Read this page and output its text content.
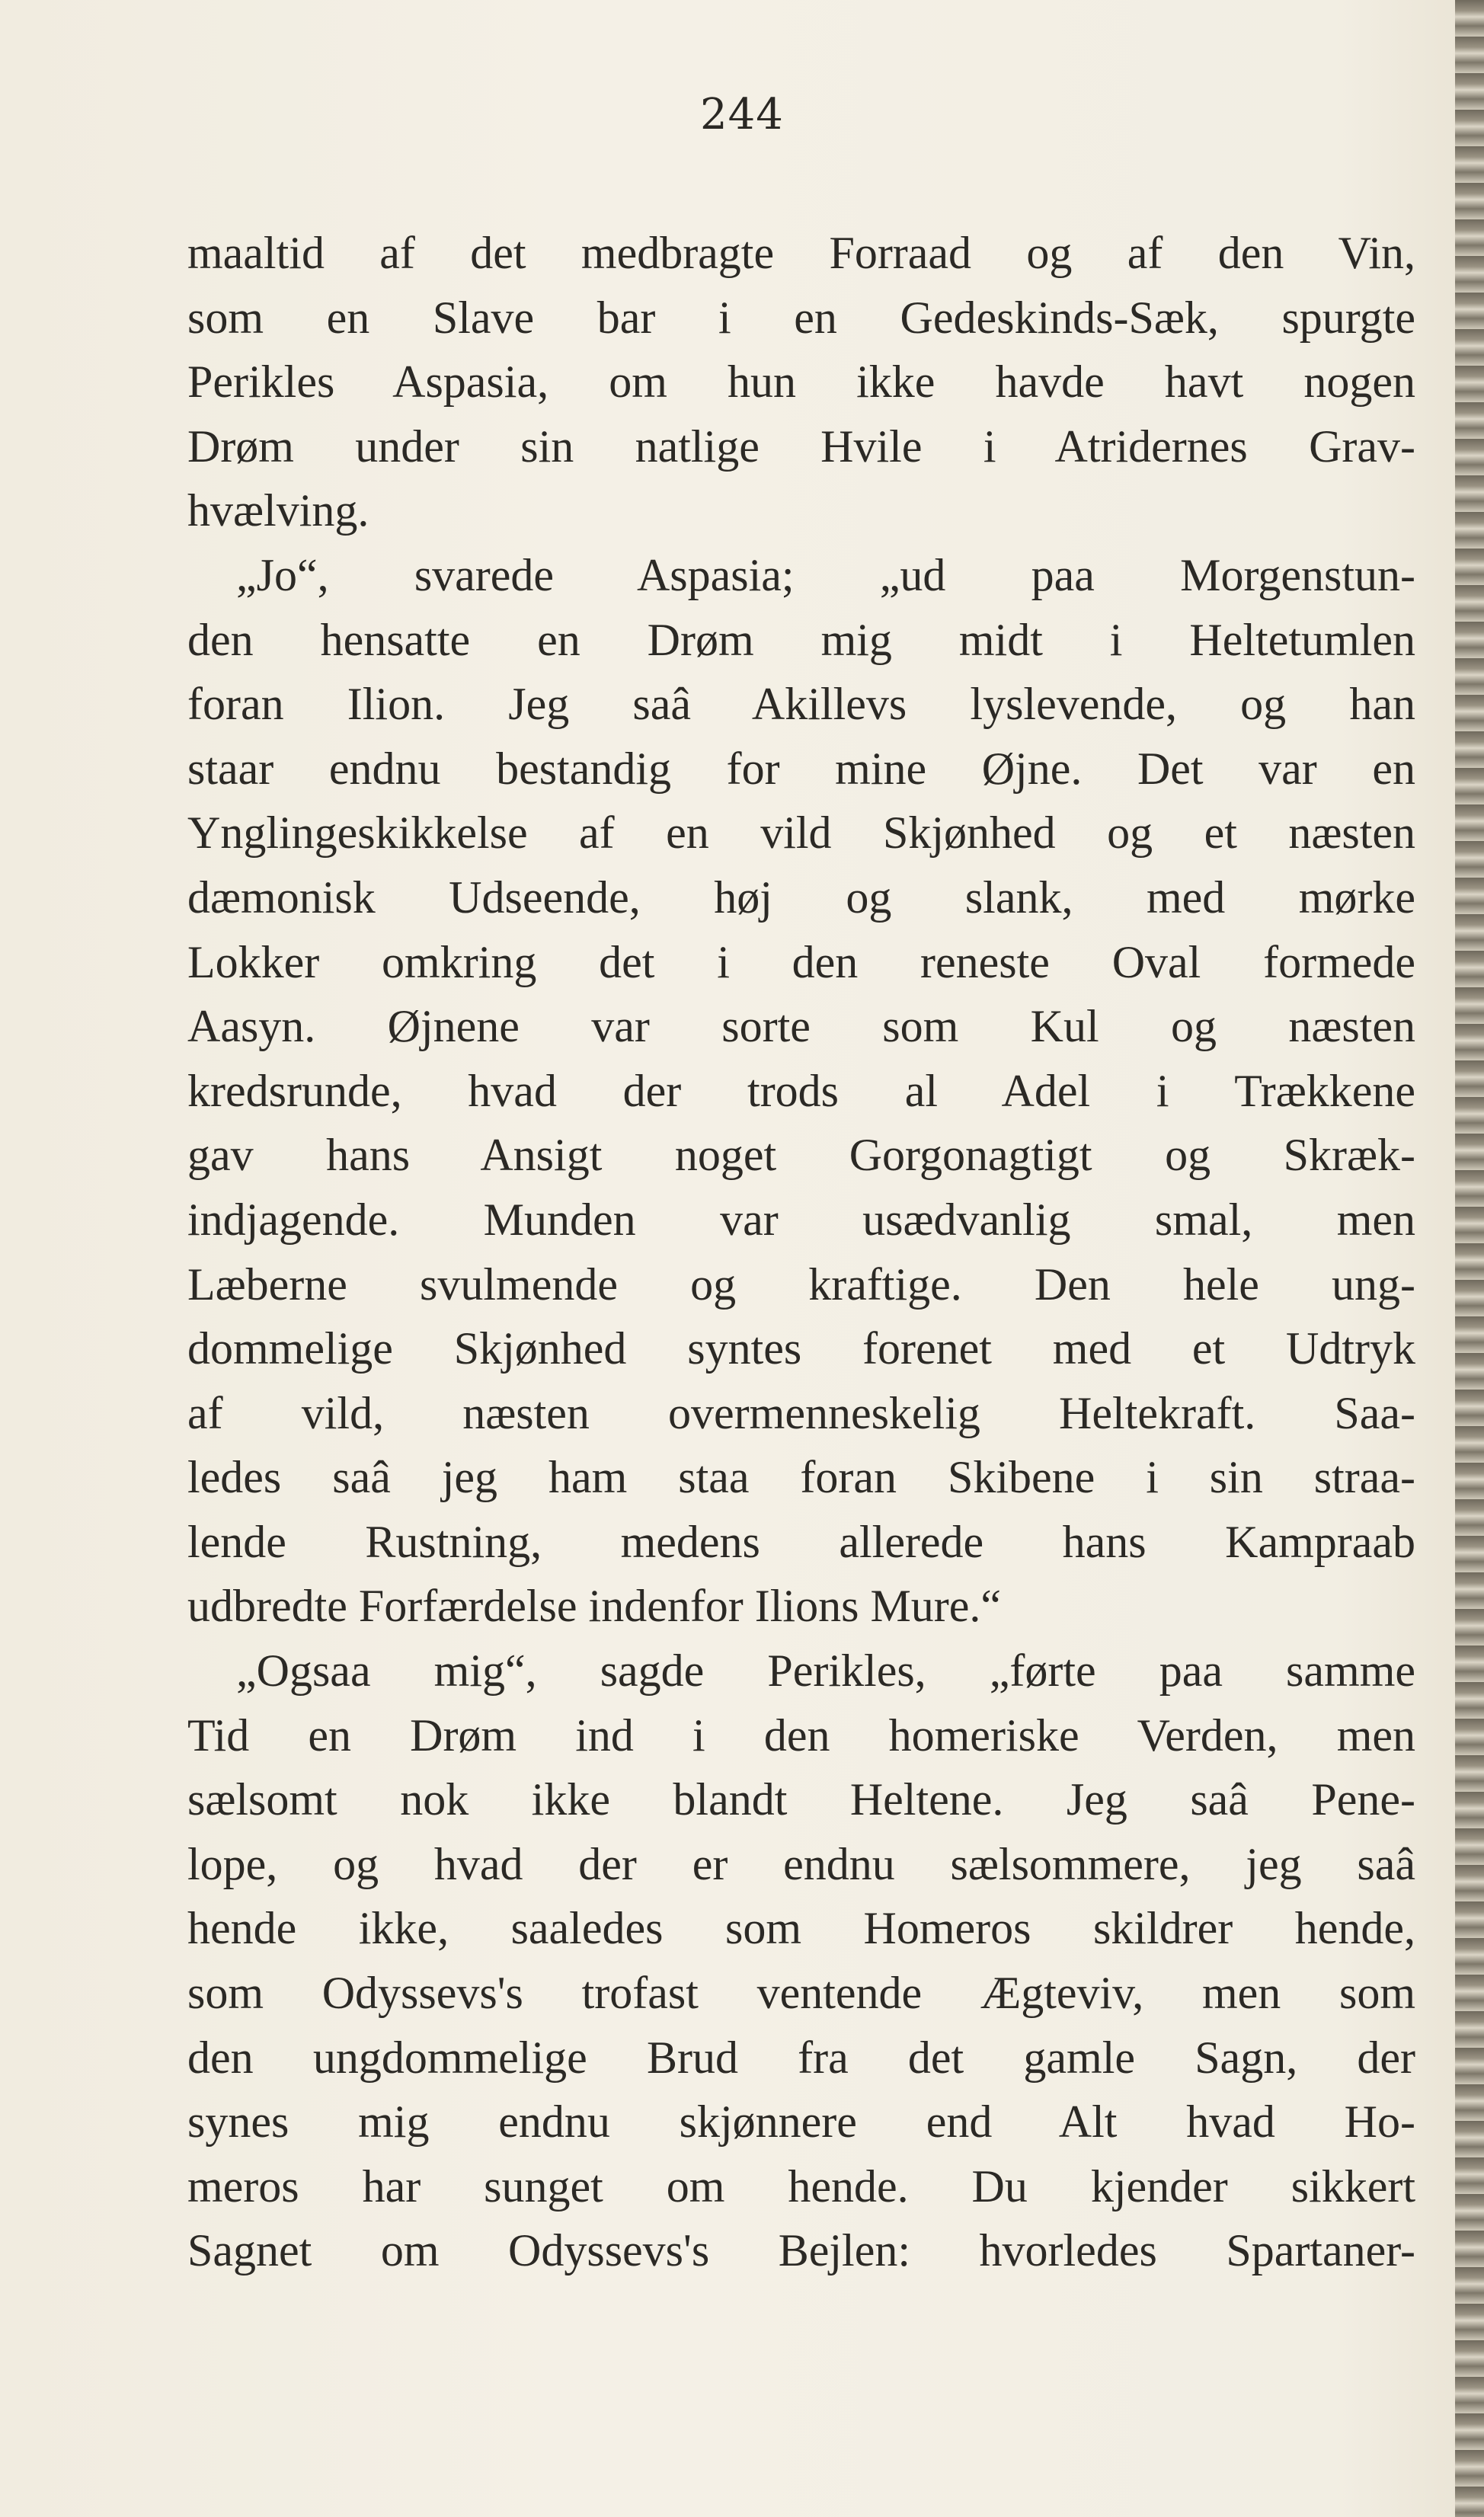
244
maaltid af det medbragte Forraad og af den Vin,
som en Slave bar i en Gedeskinds-Sæk, spurgte
Perikles Aspasia, om hun ikke havde havt nogen
Drøm under sin natlige Hvile i Atridernes Grav-
hvælving.
„Jo“, svarede Aspasia; „ud paa Morgenstun-
den hensatte en Drøm mig midt i Heltetumlen
foran Ilion. Jeg saâ Akillevs lyslevende, og han
staar endnu bestandig for mine Øjne. Det var en
Ynglingeskikkelse af en vild Skjønhed og et næsten
dæmonisk Udseende, høj og slank, med mørke
Lokker omkring det i den reneste Oval formede
Aasyn. Øjnene var sorte som Kul og næsten
kredsrunde, hvad der trods al Adel i Trækkene
gav hans Ansigt noget Gorgonagtigt og Skræk-
indjagende. Munden var usædvanlig smal, men
Læberne svulmende og kraftige. Den hele ung-
dommelige Skjønhed syntes forenet med et Udtryk
af vild, næsten overmenneskelig Heltekraft. Saa-
ledes saâ jeg ham staa foran Skibene i sin straa-
lende Rustning, medens allerede hans Kampraab
udbredte Forfærdelse indenfor Ilions Mure.“
„Ogsaa mig“, sagde Perikles, „førte paa samme
Tid en Drøm ind i den homeriske Verden, men
sælsomt nok ikke blandt Heltene. Jeg saâ Pene-
lope, og hvad der er endnu sælsommere, jeg saâ
hende ikke, saaledes som Homeros skildrer hende,
som Odyssevs's trofast ventende Ægteviv, men som
den ungdommelige Brud fra det gamle Sagn, der
synes mig endnu skjønnere end Alt hvad Ho-
meros har sunget om hende. Du kjender sikkert
Sagnet om Odyssevs's Bejlen: hvorledes Spartaner-
